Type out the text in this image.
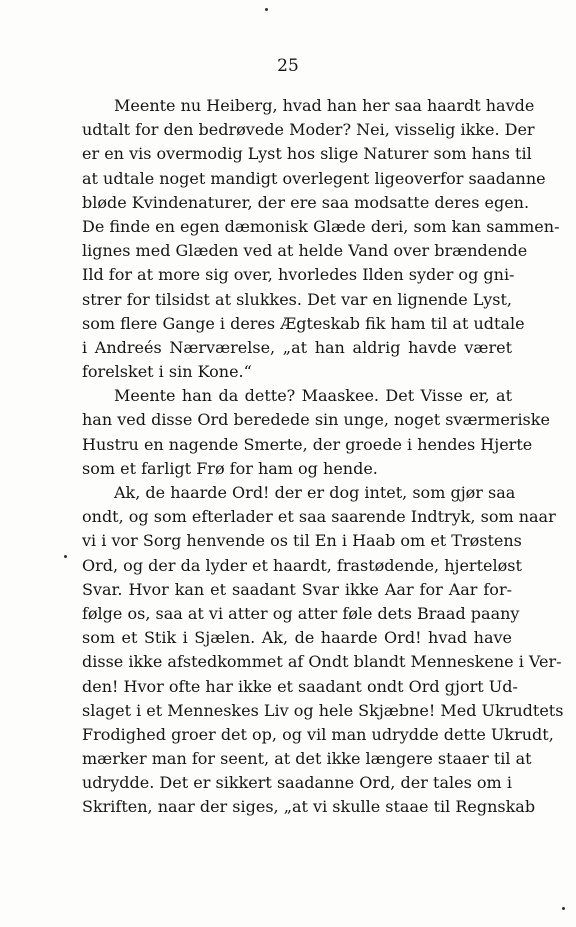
25
Meente nu Heiberg, hvad han her saa haardt havde
udtalt for den bedrøvede Moder? Nei, visselig ikke. Der
er en vis overmodig Lyst hos slige Naturer som hans til
at udtale noget mandigt overlegent ligeoverfor saadanne
bløde Kvindenaturer, der ere saa modsatte deres egen.
De finde en egen dæmonisk Glæde deri, som kan sammen-
lignes med Glæden ved at helde Vand over brændende
Ild for at more sig over, hvorledes Ilden syder og gni-
strer for tilsidst at slukkes. Det var en lignende Lyst,
som flere Gange i deres Ægteskab fik ham til at udtale
i Andreés Nærværelse, „at han aldrig havde været
forelsket i sin Kone.“
Meente han da dette? Maaskee. Det Visse er, at
han ved disse Ord beredede sin unge, noget sværmeriske
Hustru en nagende Smerte, der groede i hendes Hjerte
som et farligt Frø for ham og hende.
Ak, de haarde Ord! der er dog intet, som gjør saa
ondt, og som efterlader et saa saarende Indtryk, som naar
vi i vor Sorg henvende os til En i Haab om et Trøstens
Ord, og der da lyder et haardt, frastødende, hjerteløst
Svar. Hvor kan et saadant Svar ikke Aar for Aar for-
følge os, saa at vi atter og atter føle dets Braad paany
som et Stik i Sjælen. Ak, de haarde Ord! hvad have
disse ikke afstedkommet af Ondt blandt Menneskene i Ver-
den! Hvor ofte har ikke et saadant ondt Ord gjort Ud-
slaget i et Menneskes Liv og hele Skjæbne! Med Ukrudtets
Frodighed groer det op, og vil man udrydde dette Ukrudt,
mærker man for seent, at det ikke længere staaer til at
udrydde. Det er sikkert saadanne Ord, der tales om i
Skriften, naar der siges, „at vi skulle staae til Regnskab
